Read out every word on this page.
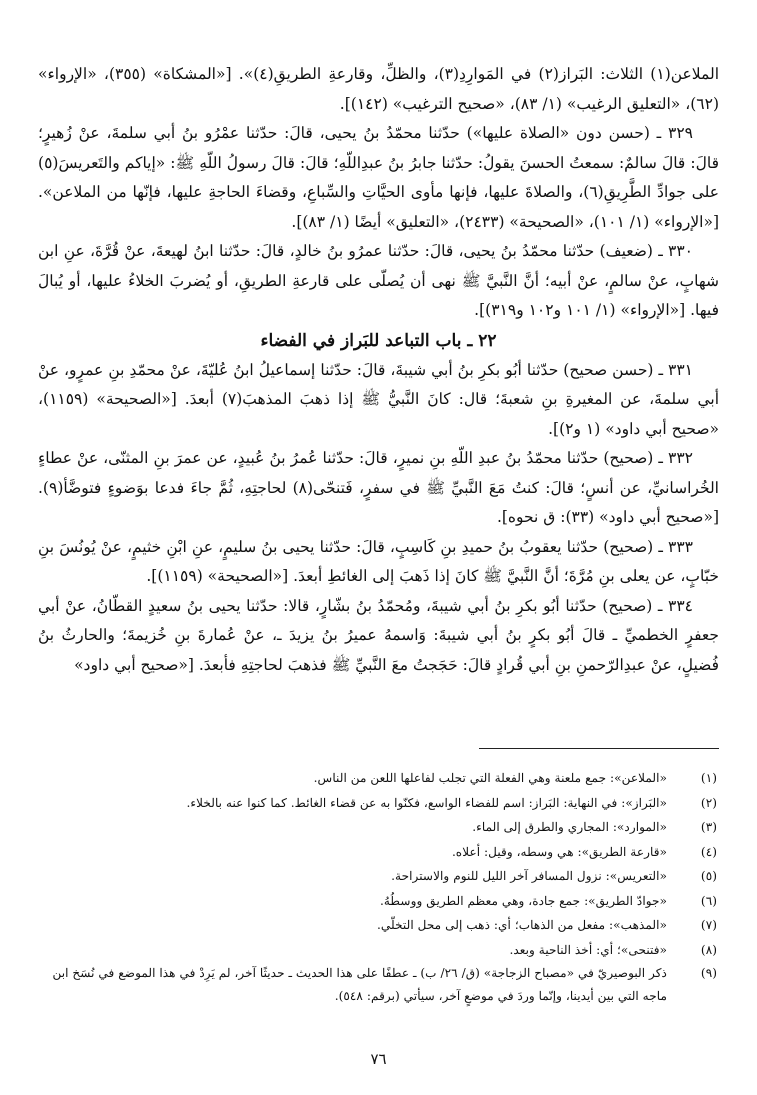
الملاعن(١) الثلاث: البَراز(٢) في المَوارِدِ(٣)، والظلِّ، وقارعةِ الطريقِ(٤)». [«المشكاة» (٣٥٥)، «الإرواء» (٦٢)، «التعليق الرغيب» (١/ ٨٣)، «صحيح الترغيب» (١٤٢)].

٣٢٩ ـ (حسن دون «الصلاة عليها») حدّثنا محمّدُ بنُ يحيى، قالَ: حدّثنا عمْرُو بنُ أبي سلمةَ، عنْ زُهيرٍ؛ قالَ: قالَ سالمٌ: سمعتُ الحسنَ يقولُ: حدّثنا جابرُ بنُ عبدِاللّهِ؛ قالَ: قالَ رسولُ اللّهِ ﷺ: «إياكم والتَعريسَ(٥) على جوادِّ الطَّرِيقِ(٦)، والصلاةَ عليها، فإنها مأوى الحيَّاتِ والسِّباعِ، وقضاءَ الحاجةِ عليها، فإنّها من الملاعن». [«الإرواء» (١/ ١٠١)، «الصحيحة» (٢٤٣٣)، «التعليق» أيضًا (١/ ٨٣)].

٣٣٠ ـ (ضعيف) حدّثنا محمّدُ بنُ يحيى، قالَ: حدّثنا عمرُو بنُ خالدٍ، قالَ: حدّثنا ابنُ لهيعةَ، عنْ قُرَّةَ، عنِ ابن شهابٍ، عنْ سالمٍ، عنْ أبيه؛ أنَّ النَّبيَّ ﷺ نهى أن يُصلّى على قارعةِ الطريقِ، أو يُضربَ الخلاءُ عليها، أو يُبالَ فيها. [«الإرواء» (١/ ١٠١ و١٠٢ و٣١٩)].

٢٢ ـ باب التباعد للبَراز في الفضاء

٣٣١ ـ (حسن صحيح) حدّثنا أبُو بكرِ بنُ أبي شيبةَ، قالَ: حدّثنا إسماعيلُ ابنُ عُليّةَ، عنْ محمّدِ بنِ عمرٍو، عنْ أبي سلمةَ، عن المغيرةِ بنِ شعبةَ؛ قال: كانَ النَّبيُّ ﷺ إذا ذهبَ المذهبَ(٧) أبعدَ. [«الصحيحة» (١١٥٩)، «صحيح أبي داود» (١ و٢)].

٣٣٢ ـ (صحيح) حدّثنا محمّدُ بنُ عبدِ اللّهِ بنِ نميرٍ، قالَ: حدّثنا عُمرُ بنُ عُبيدٍ، عن عمرَ بنِ المثنّى، عنْ عطاءٍ الخُراسانيِّ، عن أنسٍ؛ قالَ: كنتُ مَعَ النَّبيِّ ﷺ في سفرٍ، فَتنحّى(٨) لحاجتِهِ، ثُمَّ جاءَ فدعا بوَضوءٍ فتوضَّأ(٩). [«صحيح أبي داود» (٣٣): ق نحوه].

٣٣٣ ـ (صحيح) حدّثنا يعقوبُ بنُ حميدِ بنِ كَاسِبٍ، قالَ: حدّثنا يحيى بنُ سليمٍ، عنِ ابْنِ خثيمٍ، عنْ يُونُسَ بنِ خبّابٍ، عن يعلى بنِ مُرَّةَ؛ أنَّ النَّبيَّ ﷺ كانَ إذا ذَهبَ إلى الغائطِ أبعدَ. [«الصحيحة» (١١٥٩)].

٣٣٤ ـ (صحيح) حدّثنا أبُو بكرِ بنُ أبي شيبةَ، ومُحمّدُ بنُ بشّارٍ، قالا: حدّثنا يحيى بنُ سعيدٍ القطّانُ، عنْ أبي جعفرٍ الخطميِّ ـ قالَ أبُو بكرٍ بنُ أبي شيبةَ: وَاسمهُ عميرُ بنُ يزيدَ ـ، عنْ عُمارةَ بنِ خُزيمةَ؛ والحارثُ بنُ فُضيلٍ، عنْ عبدِالرّحمنِ بنِ أبي قُرادٍ قالَ: حَجَجتُ معَ النَّبيِّ ﷺ فذهبَ لحاجتِهِ فأبعدَ. [«صحيح أبي داود»

(١)
«الملاعن»: جمع ملعنة وهي الفعلة التي تجلب لفاعلها اللعن من الناس.
(٢)
«البَراز»: في النهاية: البَراز: اسم للفضاء الواسع، فكنّوا به عن قضاء الغائط. كما كنوا عنه بالخلاء.
(٣)
«الموارد»: المجاري والطرق إلى الماء.
(٤)
«قارعة الطريق»: هي وسطه، وقيل: أعلاه.
(٥)
«التعريس»: نزول المسافر آخر الليل للنوم والاستراحة.
(٦)
«جوادّ الطريق»: جمع جادة، وهي معظم الطريق ووسطُهُ.
(٧)
«المذهب»: مفعل من الذهاب؛ أي: ذهب إلى محل التخلّي.
(٨)
«فتنحى»؛ أي: أخذ الناحية وبعد.
(٩)
ذكر البوصيريّ في «مصباح الزجاجة» (ق/ ٢٦/ ب) ـ عطفًا على هذا الحديث ـ حديثًا آخر، لم يَرِدْ في هذا الموضع في نُسَخ ابن ماجه التي بين أيدينا، وإنّما وردَ في موضعٍ آخر، سيأتي (برقم: ٥٤٨).
٧٦
